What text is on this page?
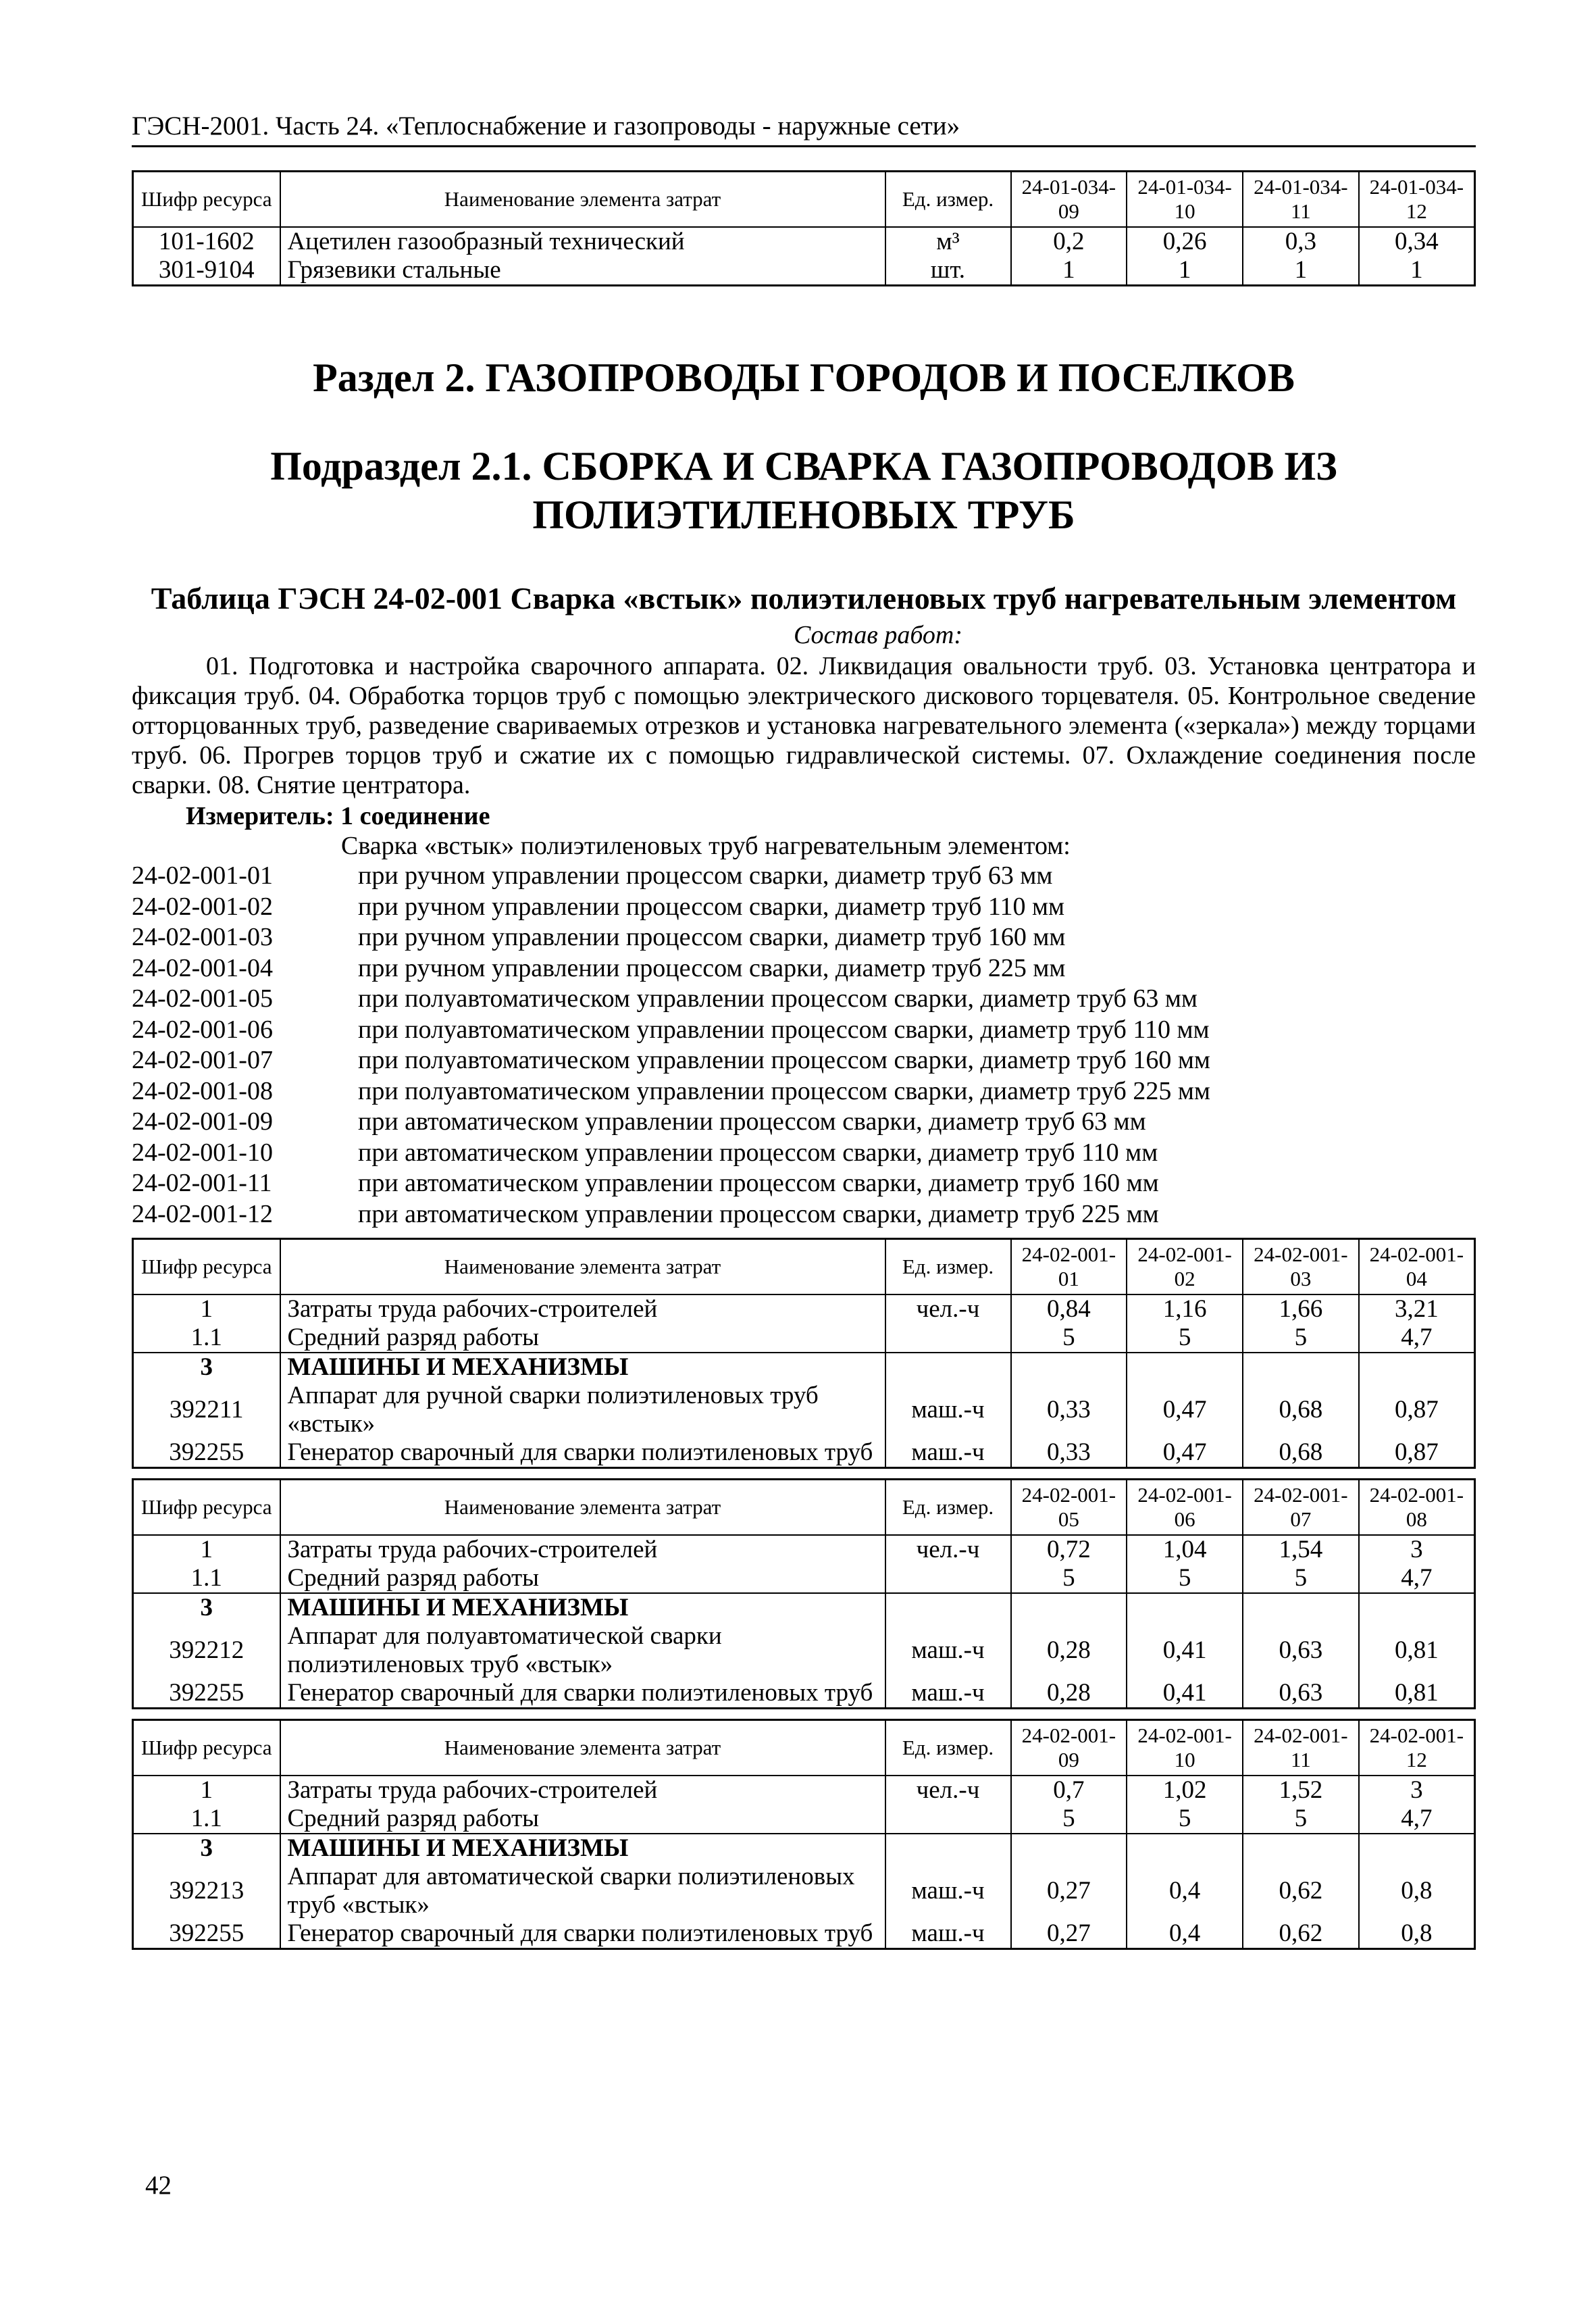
ГЭСН-2001. Часть 24. «Теплоснабжение и газопроводы - наружные сети»
Шифр ресурса	Наименование элемента затрат	Ед. измер.	24-01-034-09	24-01-034-10	24-01-034-11	24-01-034-12
101-1602	Ацетилен газообразный технический	м³	0,2	0,26	0,3	0,34
301-9104	Грязевики стальные	шт.	1	1	1	1
Раздел 2. ГАЗОПРОВОДЫ ГОРОДОВ И ПОСЕЛКОВ
Подраздел 2.1. СБОРКА И СВАРКА ГАЗОПРОВОДОВ ИЗ ПОЛИЭТИЛЕНОВЫХ ТРУБ
Таблица ГЭСН 24-02-001 Сварка «встык» полиэтиленовых труб нагревательным элементом
Состав работ:

01. Подготовка и настройка сварочного аппарата. 02. Ликвидация овальности труб. 03. Установка центратора и фиксация труб. 04. Обработка торцов труб с помощью электрического дискового торцевателя. 05. Контрольное сведение отторцованных труб, разведение свариваемых отрезков и установка нагревательного элемента («зеркала») между торцами труб. 06. Прогрев торцов труб и сжатие их с помощью гидравлической системы. 07. Охлаждение соединения после сварки. 08. Снятие центратора.

Измеритель: 1 соединение
Сварка «встык» полиэтиленовых труб нагревательным элементом:
24-02-001-01	при ручном управлении процессом сварки, диаметр труб 63 мм
24-02-001-02	при ручном управлении процессом сварки, диаметр труб 110 мм
24-02-001-03	при ручном управлении процессом сварки, диаметр труб 160 мм
24-02-001-04	при ручном управлении процессом сварки, диаметр труб 225 мм
24-02-001-05	при полуавтоматическом управлении процессом сварки, диаметр труб 63 мм
24-02-001-06	при полуавтоматическом управлении процессом сварки, диаметр труб 110 мм
24-02-001-07	при полуавтоматическом управлении процессом сварки, диаметр труб 160 мм
24-02-001-08	при полуавтоматическом управлении процессом сварки, диаметр труб 225 мм
24-02-001-09	при автоматическом управлении процессом сварки, диаметр труб 63 мм
24-02-001-10	при автоматическом управлении процессом сварки, диаметр труб 110 мм
24-02-001-11	при автоматическом управлении процессом сварки, диаметр труб 160 мм
24-02-001-12	при автоматическом управлении процессом сварки, диаметр труб 225 мм
Шифр ресурса	Наименование элемента затрат	Ед. измер.	24-02-001-01	24-02-001-02	24-02-001-03	24-02-001-04
1	Затраты труда рабочих-строителей	чел.-ч	0,84	1,16	1,66	3,21
1.1	Средний разряд работы		5	5	5	4,7
3	МАШИНЫ И МЕХАНИЗМЫ					
392211	Аппарат для ручной сварки полиэтиленовых труб «встык»	маш.-ч	0,33	0,47	0,68	0,87
392255	Генератор сварочный для сварки полиэтиленовых труб	маш.-ч	0,33	0,47	0,68	0,87
Шифр ресурса	Наименование элемента затрат	Ед. измер.	24-02-001-05	24-02-001-06	24-02-001-07	24-02-001-08
1	Затраты труда рабочих-строителей	чел.-ч	0,72	1,04	1,54	3
1.1	Средний разряд работы		5	5	5	4,7
3	МАШИНЫ И МЕХАНИЗМЫ					
392212	Аппарат для полуавтоматической сварки полиэтиленовых труб «встык»	маш.-ч	0,28	0,41	0,63	0,81
392255	Генератор сварочный для сварки полиэтиленовых труб	маш.-ч	0,28	0,41	0,63	0,81
Шифр ресурса	Наименование элемента затрат	Ед. измер.	24-02-001-09	24-02-001-10	24-02-001-11	24-02-001-12
1	Затраты труда рабочих-строителей	чел.-ч	0,7	1,02	1,52	3
1.1	Средний разряд работы		5	5	5	4,7
3	МАШИНЫ И МЕХАНИЗМЫ					
392213	Аппарат для автоматической сварки полиэтиленовых труб «встык»	маш.-ч	0,27	0,4	0,62	0,8
392255	Генератор сварочный для сварки полиэтиленовых труб	маш.-ч	0,27	0,4	0,62	0,8
42
